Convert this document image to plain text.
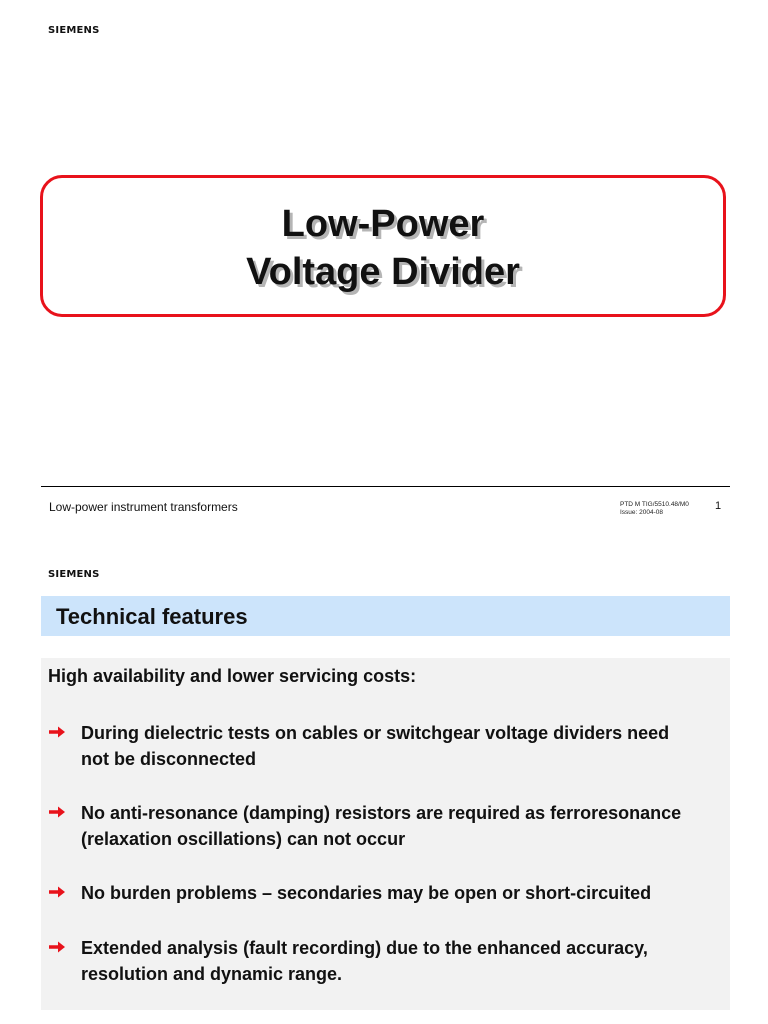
SIEMENS
Low-Power
Voltage Divider
Low-power instrument transformers	PTD M TIG/5510.48/M0
Issue: 2004-08
1
SIEMENS
Technical features
High availability and lower servicing costs:
During dielectric tests on cables or switchgear voltage dividers need
not be disconnected
No anti-resonance (damping) resistors are required as ferroresonance
(relaxation oscillations) can not occur
No burden problems – secondaries may be open or short-circuited
Extended analysis (fault recording) due to the enhanced accuracy,
resolution and dynamic range.
